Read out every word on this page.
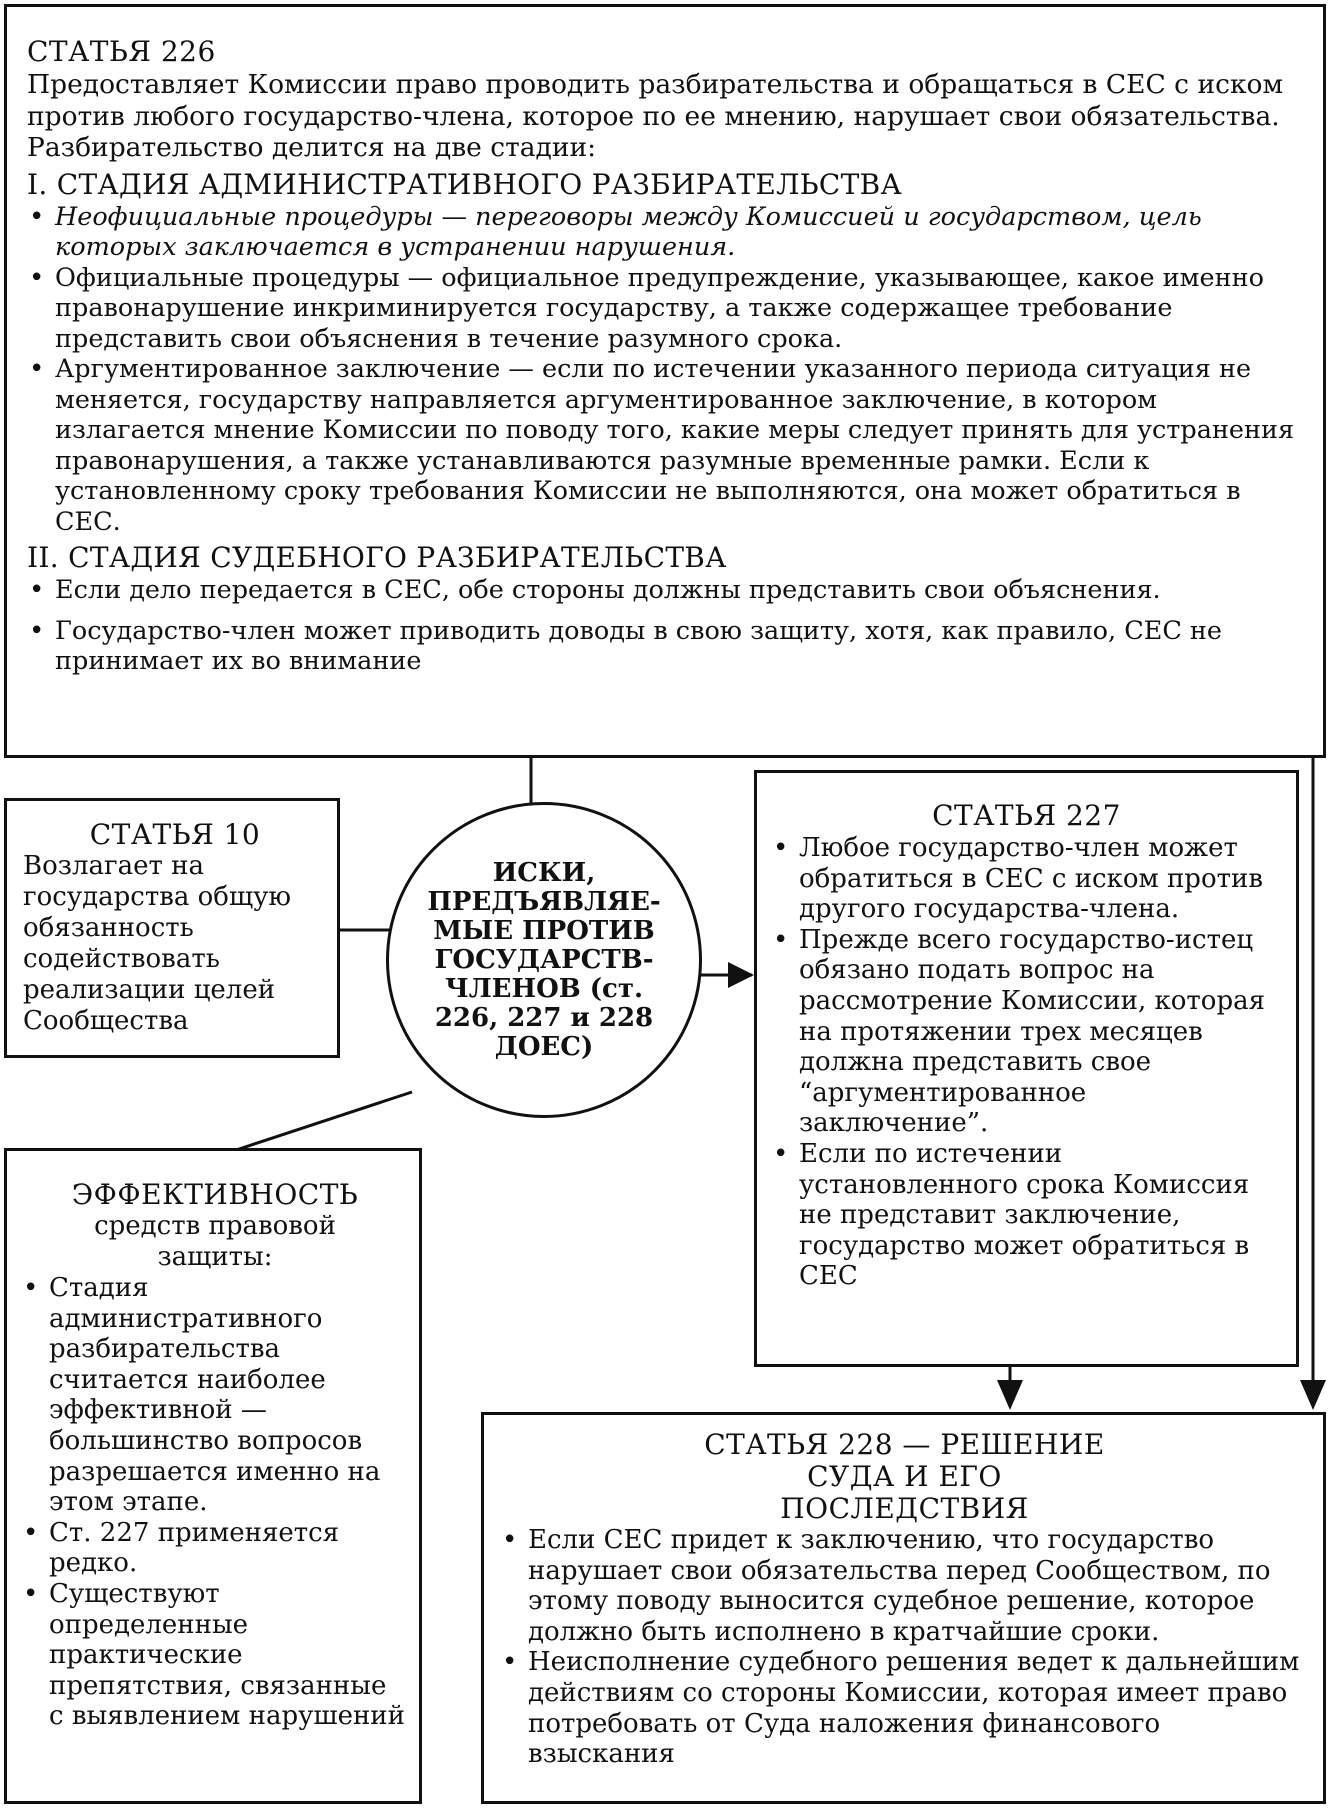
СТАТЬЯ 226

Предоставляет Комиссии право проводить разбирательства и обращаться в СЕС с иском против любого государство-члена, которое по ее мнению, нарушает свои обязательства. Разбирательство делится на две стадии:

I. СТАДИЯ АДМИНИСТРАТИВНОГО РАЗБИРАТЕЛЬСТВА

• Неофициальные процедуры — переговоры между Комиссией и государством, цель которых заключается в устранении нарушения.
• Официальные процедуры — официальное предупреждение, указывающее, какое именно правонарушение инкриминируется государству, а также содержащее требование представить свои объяснения в течение разумного срока.
• Аргументированное заключение — если по истечении указанного периода ситуация не меняется, государству направляется аргументированное заключение, в котором излагается мнение Комиссии по поводу того, какие меры следует принять для устранения правонарушения, а также устанавливаются разумные временные рамки. Если к установленному сроку требования Комиссии не выполняются, она может обратиться в СЕС.

II. СТАДИЯ СУДЕБНОГО РАЗБИРАТЕЛЬСТВА

• Если дело передается в СЕС, обе стороны должны представить свои объяснения.
• Государство-член может приводить доводы в свою защиту, хотя, как правило, СЕС не принимает их во внимание

СТАТЬЯ 10

Возлагает на государства общую обязанность содействовать реализации целей Сообщества

ИСКИ, ПРЕДЪЯВЛЯЕ-МЫЕ ПРОТИВ ГОСУДАРСТВ-ЧЛЕНОВ (ст. 226, 227 и 228 ДОЕС)

СТАТЬЯ 227

• Любое государство-член может обратиться в СЕС с иском против другого государства-члена.
• Прежде всего государство-истец обязано подать вопрос на рассмотрение Комиссии, которая на протяжении трех месяцев должна представить свое “аргументированное заключение”.
• Если по истечении установленного срока Комиссия не представит заключение, государство может обратиться в СЕС

ЭФФЕКТИВНОСТЬ

средств правовой защиты:

• Стадия административного разбирательства считается наиболее эффективной — большинство вопросов разрешается именно на этом этапе.
• Ст. 227 применяется редко.
• Существуют определенные практические препятствия, связанные с выявлением нарушений

СТАТЬЯ 228 — РЕШЕНИЕ СУДА И ЕГО ПОСЛЕДСТВИЯ

• Если СЕС придет к заключению, что государство нарушает свои обязательства перед Сообществом, по этому поводу выносится судебное решение, которое должно быть исполнено в кратчайшие сроки.
• Неисполнение судебного решения ведет к дальнейшим действиям со стороны Комиссии, которая имеет право потребовать от Суда наложения финансового взыскания
